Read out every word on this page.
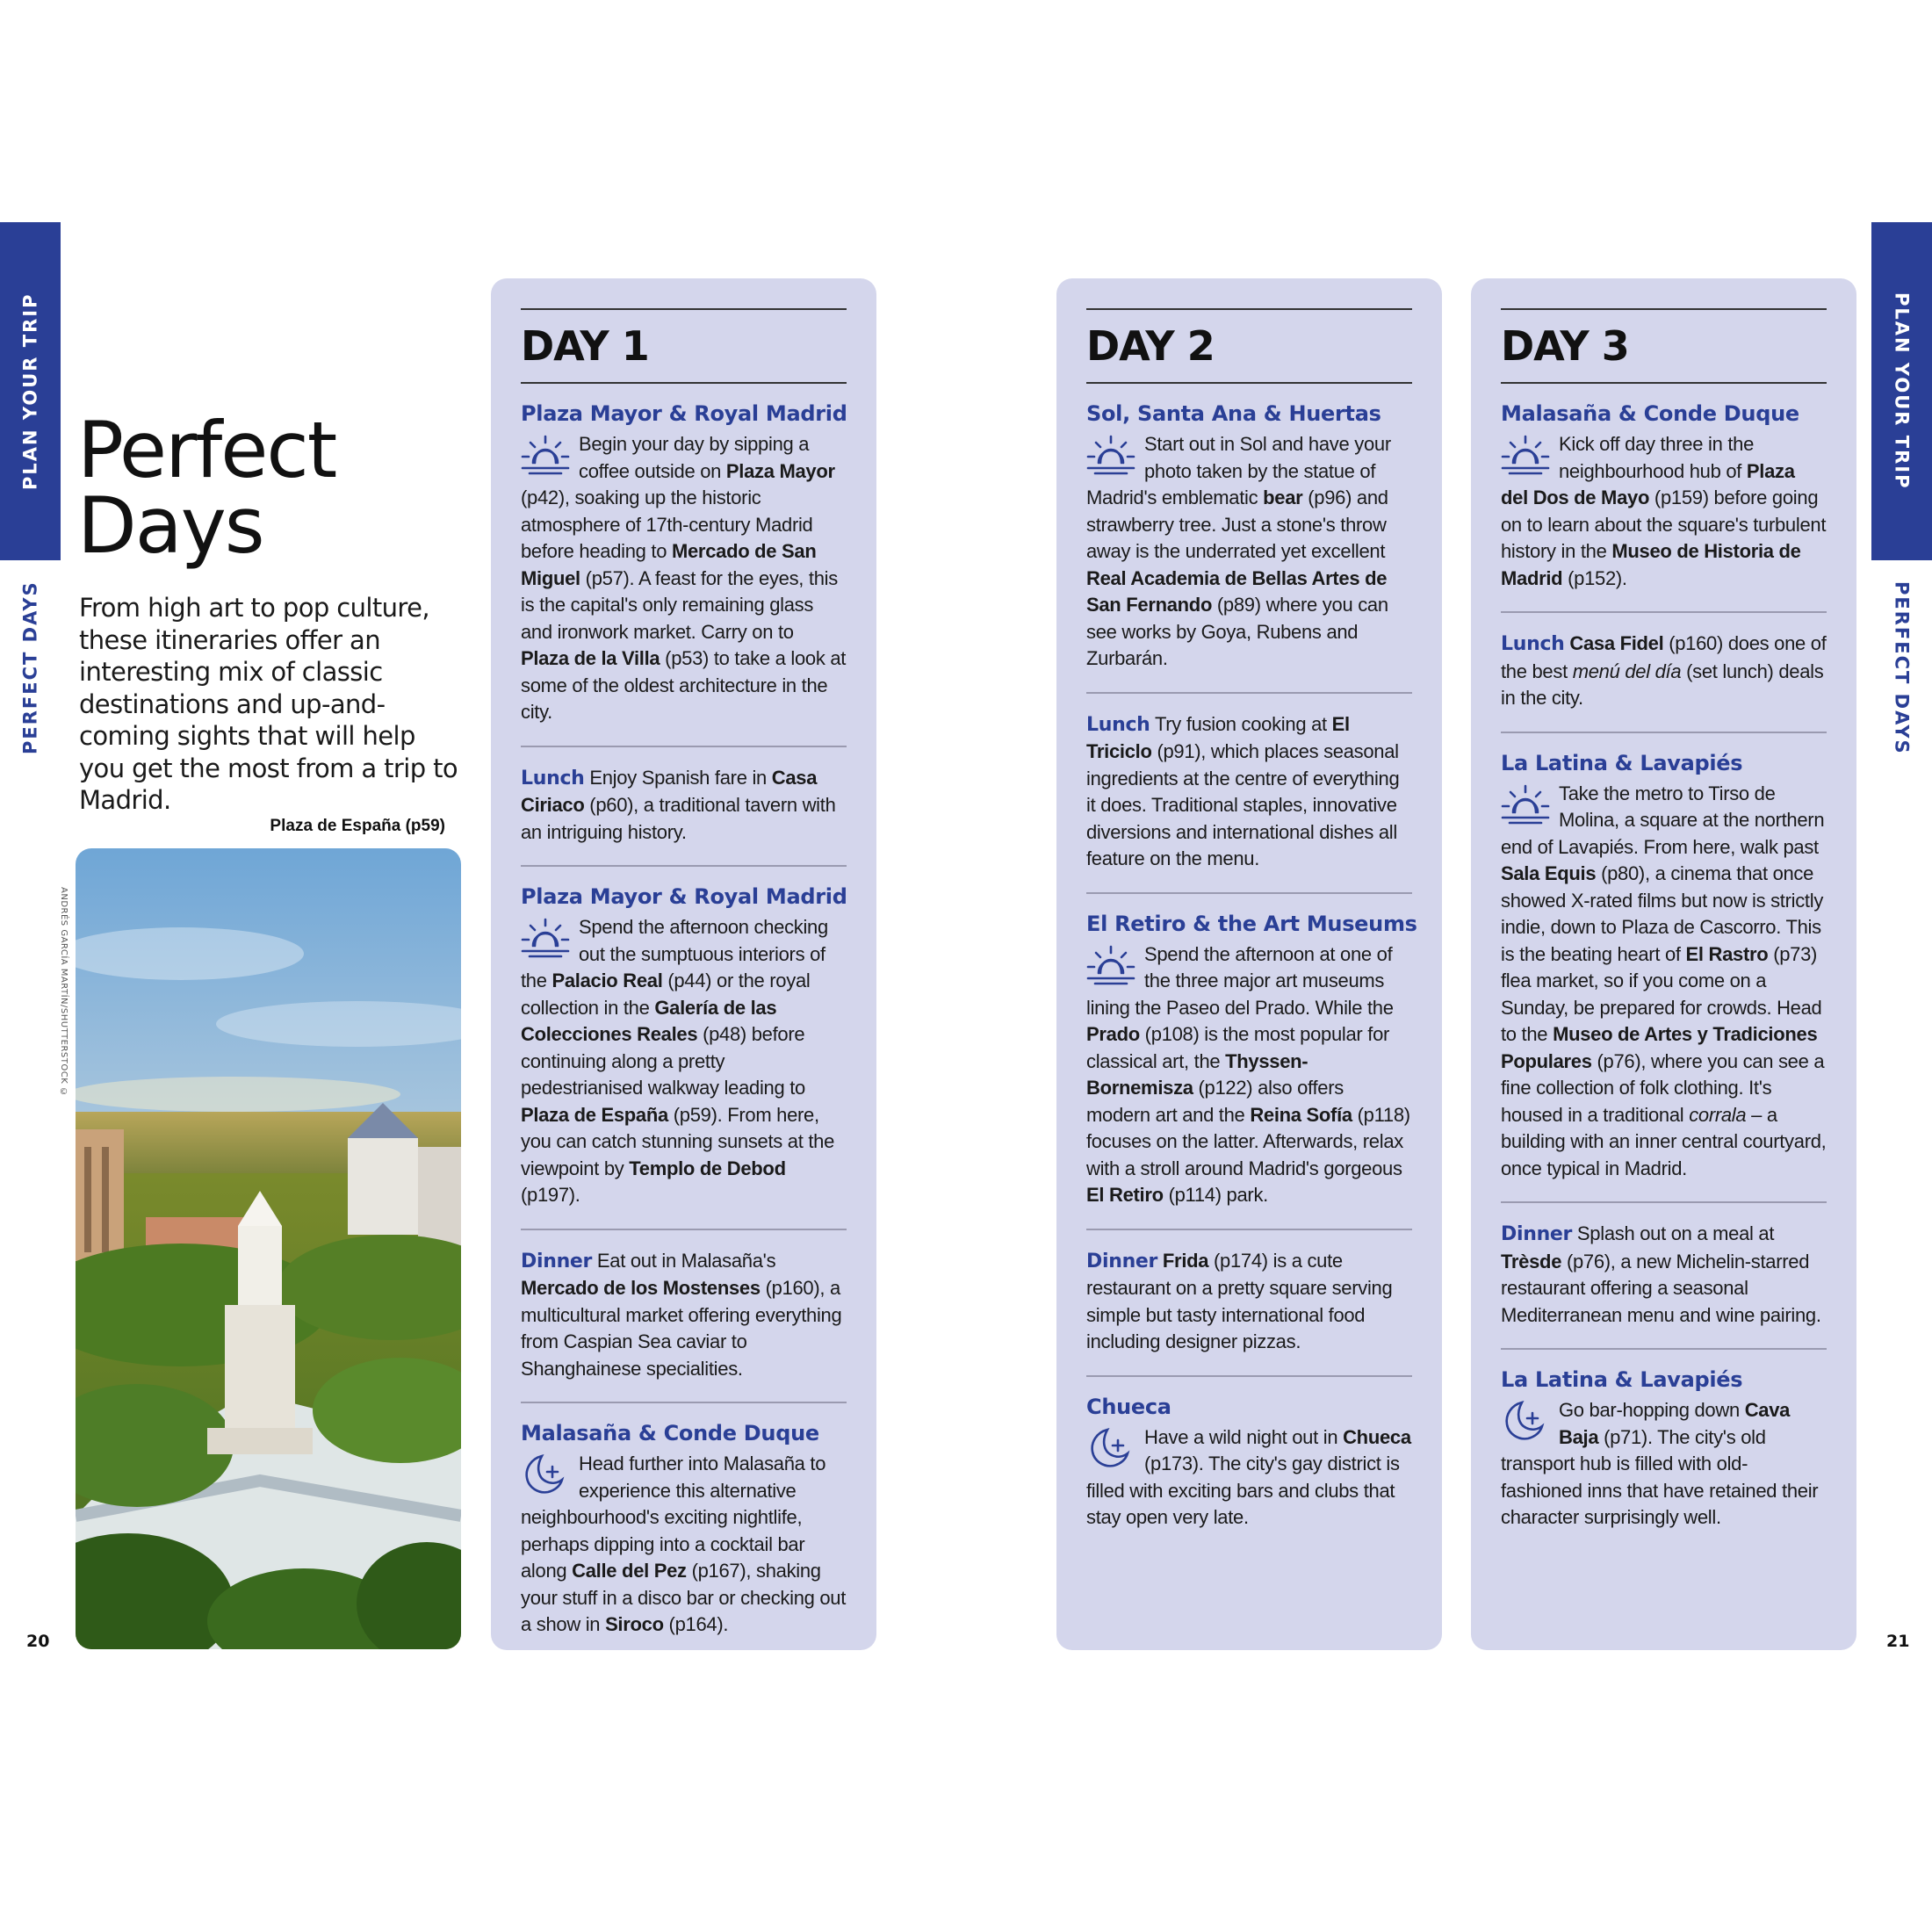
PLAN YOUR TRIP
PERFECT DAYS
PLAN YOUR TRIP
PERFECT DAYS
Perfect
Days

From high art to pop culture, these itineraries offer an interesting mix of classic destinations and up-and-coming sights that will help you get the most from a trip to Madrid.

Plaza de España (p59)
ANDRÉS GARCÍA MARTÍN/SHUTTERSTOCK ©
20	21
DAY 1
Plaza Mayor & Royal Madrid
Begin your day by sipping a coffee outside on Plaza Mayor (p42), soaking up the historic atmosphere of 17th-century Madrid before heading to Mercado de San Miguel (p57). A feast for the eyes, this is the capital's only remaining glass and ironwork market. Carry on to Plaza de la Villa (p53) to take a look at some of the oldest architecture in the city.
Lunch Enjoy Spanish fare in Casa Ciriaco (p60), a traditional tavern with an intriguing history.
Plaza Mayor & Royal Madrid
Spend the afternoon checking out the sumptuous interiors of the Palacio Real (p44) or the royal collection in the Galería de las Colecciones Reales (p48) before continuing along a pretty pedestrianised walkway leading to Plaza de España (p59). From here, you can catch stunning sunsets at the viewpoint by Templo de Debod (p197).
Dinner Eat out in Malasaña's Mercado de los Mostenses (p160), a multicultural market offering everything from Caspian Sea caviar to Shanghainese specialities.
Malasaña & Conde Duque
Head further into Malasaña to experience this alternative neighbourhood's exciting nightlife, perhaps dipping into a cocktail bar along Calle del Pez (p167), shaking your stuff in a disco bar or checking out a show in Siroco (p164).
DAY 2
Sol, Santa Ana & Huertas
Start out in Sol and have your photo taken by the statue of Madrid's emblematic bear (p96) and strawberry tree. Just a stone's throw away is the underrated yet excellent Real Academia de Bellas Artes de San Fernando (p89) where you can see works by Goya, Rubens and Zurbarán.
Lunch Try fusion cooking at El Triciclo (p91), which places seasonal ingredients at the centre of everything it does. Traditional staples, innovative diversions and international dishes all feature on the menu.
El Retiro & the Art Museums
Spend the afternoon at one of the three major art museums lining the Paseo del Prado. While the Prado (p108) is the most popular for classical art, the Thyssen-Bornemisza (p122) also offers modern art and the Reina Sofía (p118) focuses on the latter. Afterwards, relax with a stroll around Madrid's gorgeous El Retiro (p114) park.
Dinner Frida (p174) is a cute restaurant on a pretty square serving simple but tasty international food including designer pizzas.
Chueca
Have a wild night out in Chueca (p173). The city's gay district is filled with exciting bars and clubs that stay open very late.
DAY 3
Malasaña & Conde Duque
Kick off day three in the neighbourhood hub of Plaza del Dos de Mayo (p159) before going on to learn about the square's turbulent history in the Museo de Historia de Madrid (p152).
Lunch Casa Fidel (p160) does one of the best menú del día (set lunch) deals in the city.
La Latina & Lavapiés
Take the metro to Tirso de Molina, a square at the northern end of Lavapiés. From here, walk past Sala Equis (p80), a cinema that once showed X-rated films but now is strictly indie, down to Plaza de Cascorro. This is the beating heart of El Rastro (p73) flea market, so if you come on a Sunday, be prepared for crowds. Head to the Museo de Artes y Tradiciones Populares (p76), where you can see a fine collection of folk clothing. It's housed in a traditional corrala – a building with an inner central courtyard, once typical in Madrid.
Dinner Splash out on a meal at Trèsde (p76), a new Michelin-starred restaurant offering a seasonal Mediterranean menu and wine pairing.
La Latina & Lavapiés
Go bar-hopping down Cava Baja (p71). The city's old transport hub is filled with old-fashioned inns that have retained their character surprisingly well.
